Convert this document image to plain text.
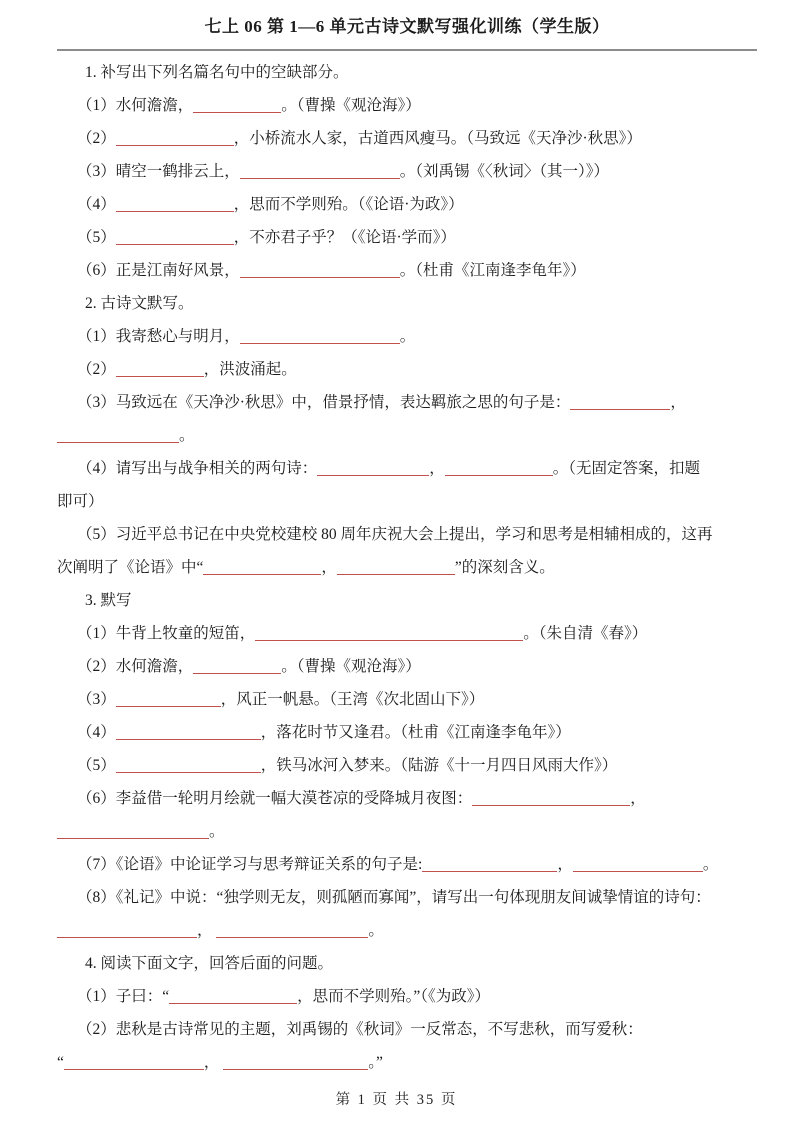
七上 06 第 1—6 单元古诗文默写强化训练（学生版）
1. 补写出下列名篇名句中的空缺部分。
（1）水何澹澹，	。（曹操《观沧海》）
（2）	，小桥流水人家，古道西风瘦马。（马致远《天净沙·秋思》）
（3）晴空一鹤排云上，	。（刘禹锡《〈秋词〉（其一）》）
（4）	，思而不学则殆。（《论语·为政》）
（5）	，不亦君子乎？（《论语·学而》）
（6）正是江南好风景，	。（杜甫《江南逢李龟年》）
2. 古诗文默写。
（1）我寄愁心与明月，	。
（2）	，洪波涌起。
（3）马致远在《天净沙·秋思》中，借景抒情，表达羁旅之思的句子是：	，
。
（4）请写出与战争相关的两句诗：	，	。（无固定答案，扣题
即可）
（5）习近平总书记在中央党校建校 80 周年庆祝大会上提出，学习和思考是相辅相成的，这再
次阐明了《论语》中“	，	”的深刻含义。
3. 默写
（1）牛背上牧童的短笛，	。（朱自清《春》）
（2）水何澹澹，	。（曹操《观沧海》）
（3）	，风正一帆悬。（王湾《次北固山下》）
（4）	，落花时节又逢君。（杜甫《江南逢李龟年》）
（5）	，铁马冰河入梦来。（陆游《十一月四日风雨大作》）
（6）李益借一轮明月绘就一幅大漠苍凉的受降城月夜图：	，
。
（7）《论语》中论证学习与思考辩证关系的句子是:	，	。
（8）《礼记》中说：“独学则无友，则孤陋而寡闻”，请写出一句体现朋友间诚挚情谊的诗句：
，	。
4. 阅读下面文字，回答后面的问题。
（1）子曰：“	，思而不学则殆。”（《为政》）
（2）悲秋是古诗常见的主题，刘禹锡的《秋词》一反常态，不写悲秋，而写爱秋：
“	，	。”
第 1 页 共 35 页
